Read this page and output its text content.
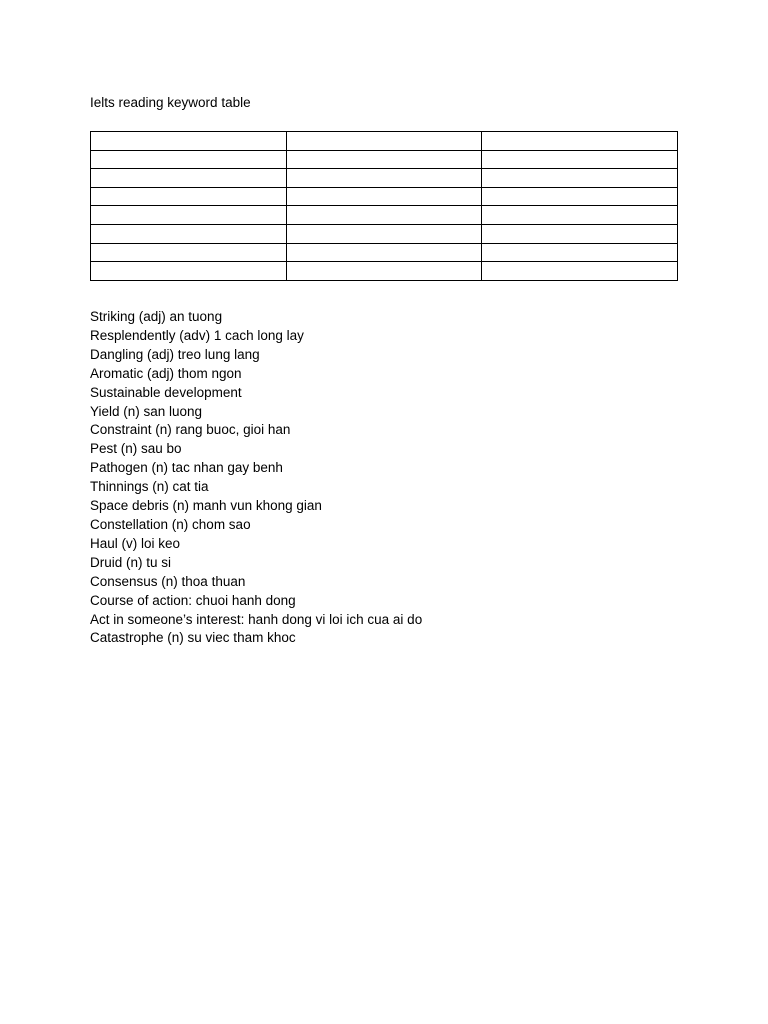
Ielts reading keyword table

Striking (adj) an tuong
Resplendently (adv) 1 cach long lay
Dangling (adj) treo lung lang
Aromatic (adj) thom ngon
Sustainable development
Yield (n) san luong
Constraint (n) rang buoc, gioi han
Pest (n) sau bo
Pathogen (n) tac nhan gay benh
Thinnings (n) cat tia
Space debris (n) manh vun khong gian
Constellation (n) chom sao
Haul (v) loi keo
Druid (n) tu si
Consensus (n) thoa thuan
Course of action: chuoi hanh dong
Act in someone’s interest: hanh dong vi loi ich cua ai do
Catastrophe (n) su viec tham khoc
